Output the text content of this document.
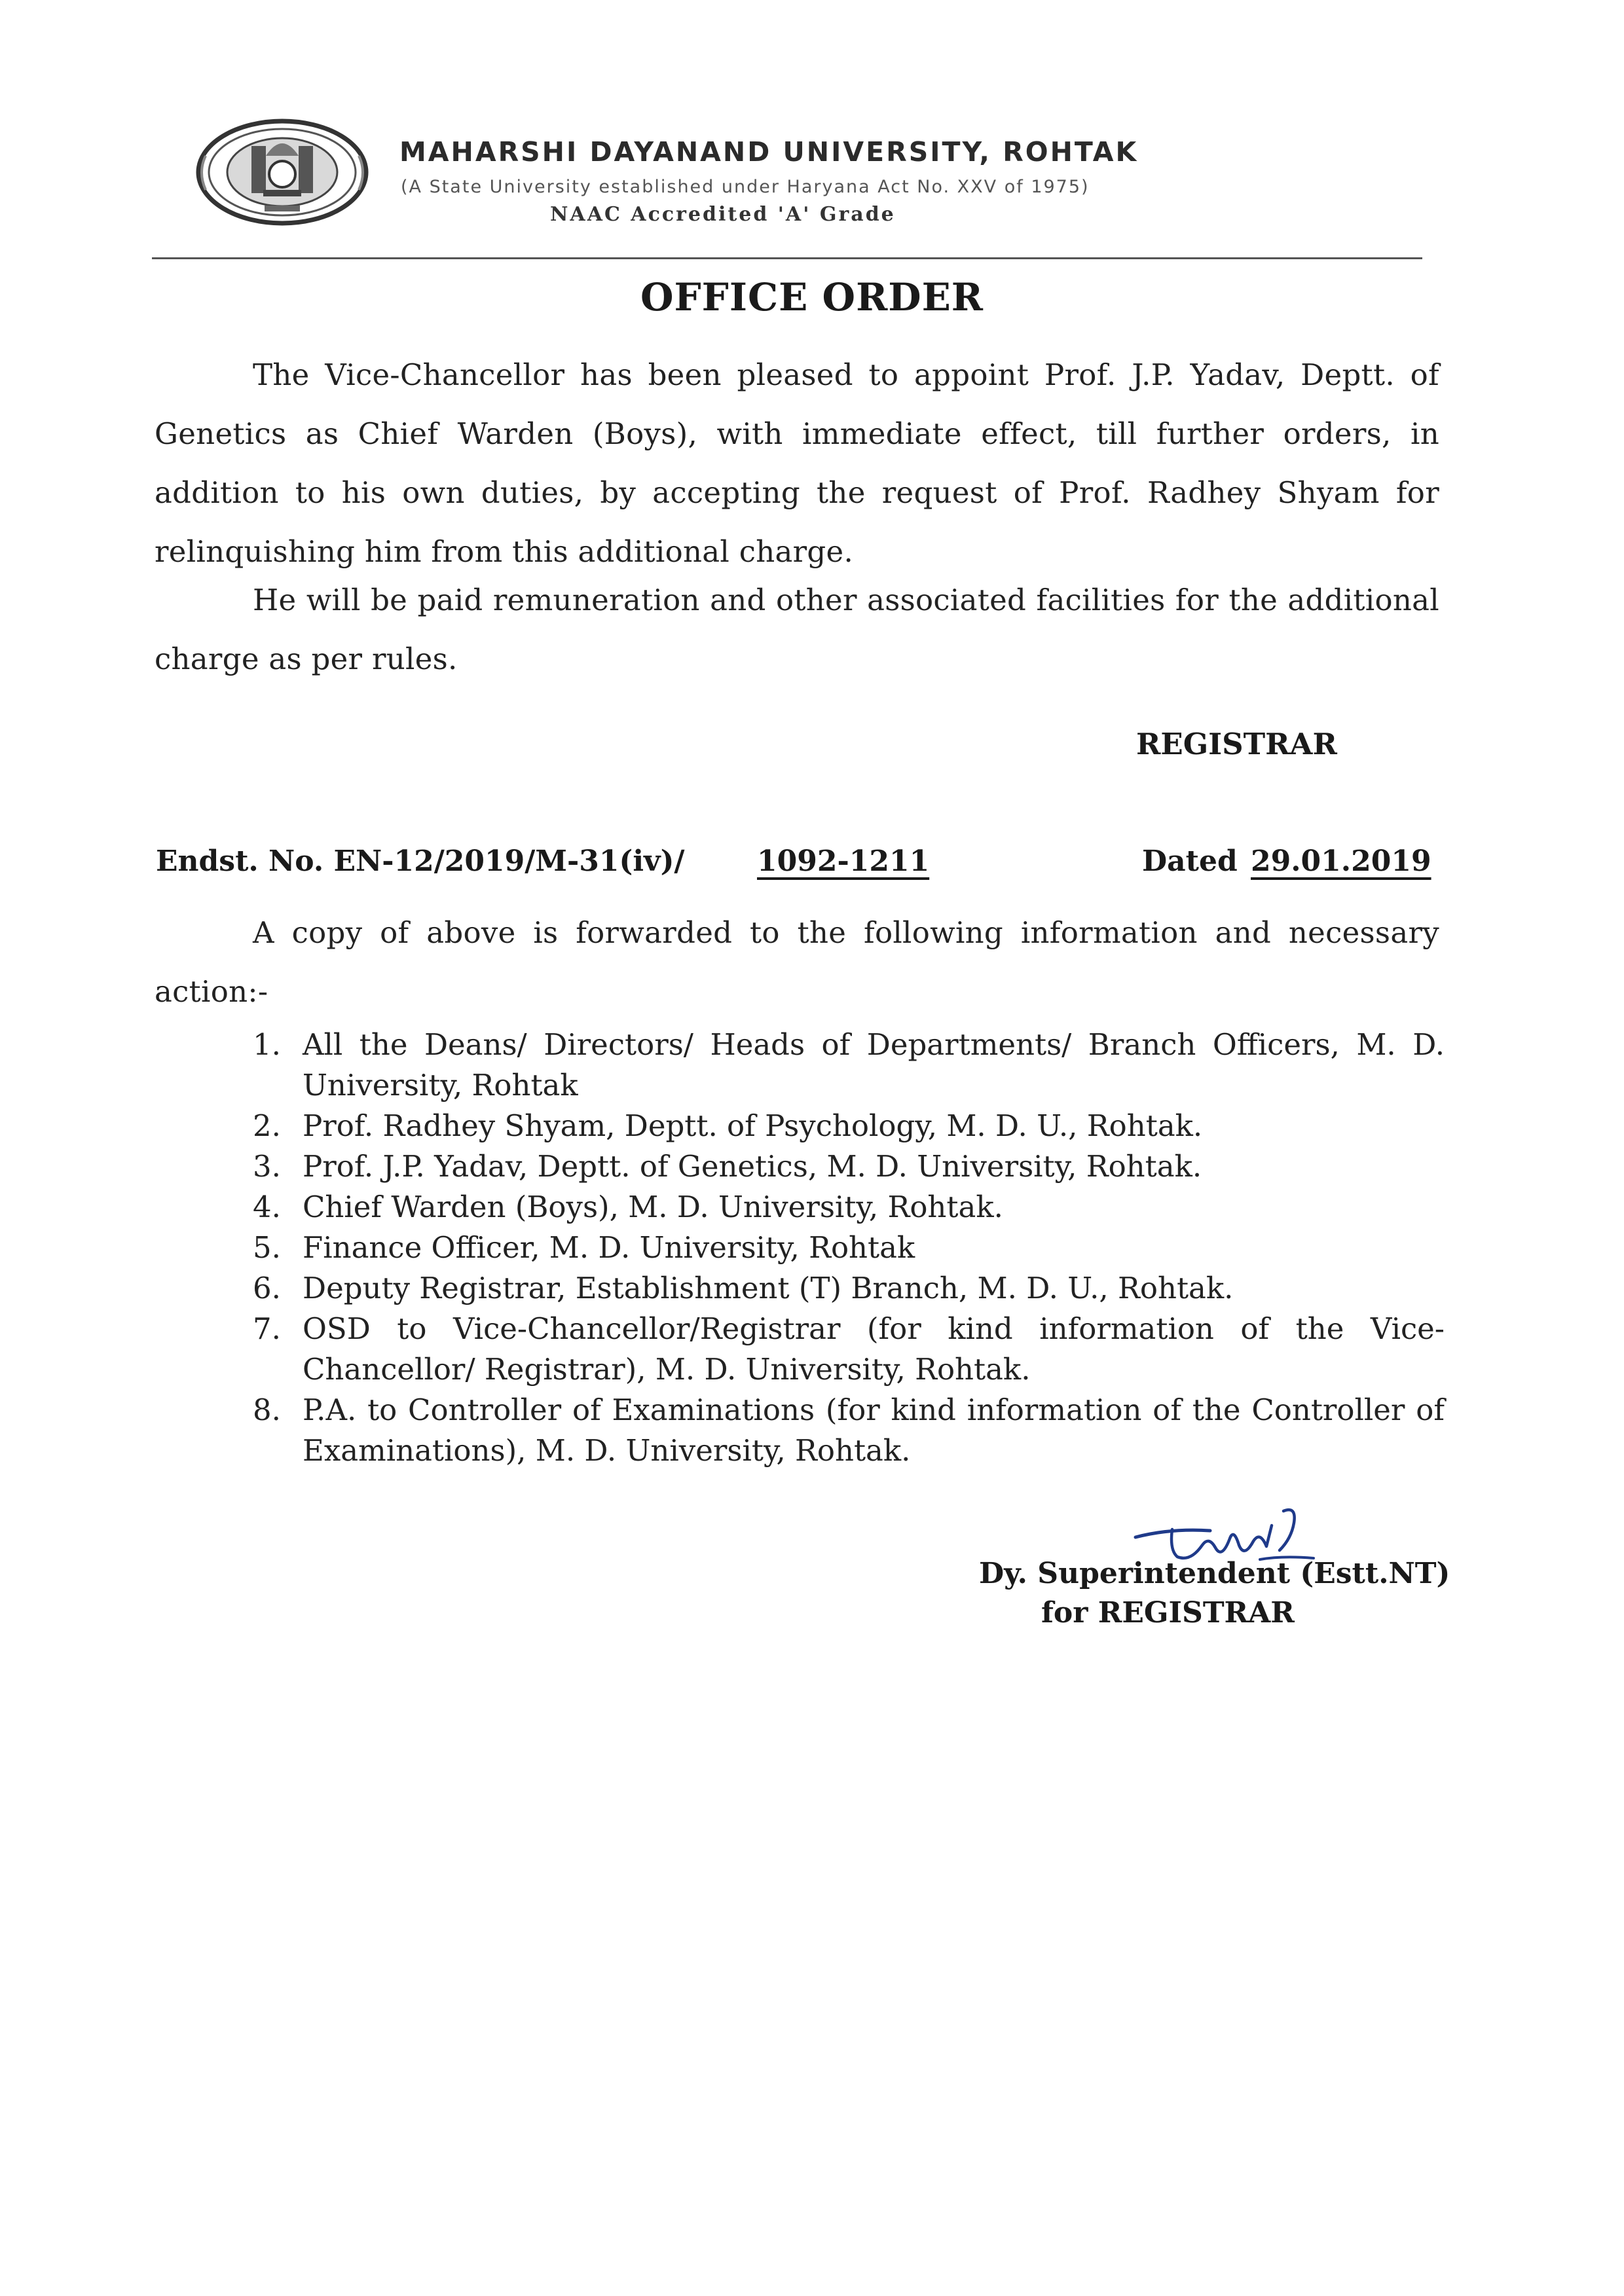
MAHARSHI DAYANAND UNIVERSITY, ROHTAK
(A State University established under Haryana Act No. XXV of 1975)
NAAC Accredited 'A' Grade
OFFICE ORDER

The Vice-Chancellor has been pleased to appoint Prof. J.P. Yadav, Deptt. of Genetics as Chief Warden (Boys), with immediate effect, till further orders, in addition to his own duties, by accepting the request of Prof. Radhey Shyam for relinquishing him from this additional charge.

He will be paid remuneration and other associated facilities for the additional charge as per rules.

REGISTRAR
Endst. No. EN-12/2019/M-31(iv)/	1092-1211	Dated 29.01.2019

A copy of above is forwarded to the following information and necessary action:-

1. All the Deans/ Directors/ Heads of Departments/ Branch Officers, M. D. University, Rohtak
2. Prof. Radhey Shyam, Deptt. of Psychology, M. D. U., Rohtak.
3. Prof. J.P. Yadav, Deptt. of Genetics, M. D. University, Rohtak.
4. Chief Warden (Boys), M. D. University, Rohtak.
5. Finance Officer, M. D. University, Rohtak
6. Deputy Registrar, Establishment (T) Branch, M. D. U., Rohtak.
7. OSD to Vice-Chancellor/Registrar (for kind information of the Vice-Chancellor/ Registrar), M. D. University, Rohtak.
8. P.A. to Controller of Examinations (for kind information of the Controller of Examinations), M. D. University, Rohtak.
Dy. Superintendent (Estt.NT)
for REGISTRAR
